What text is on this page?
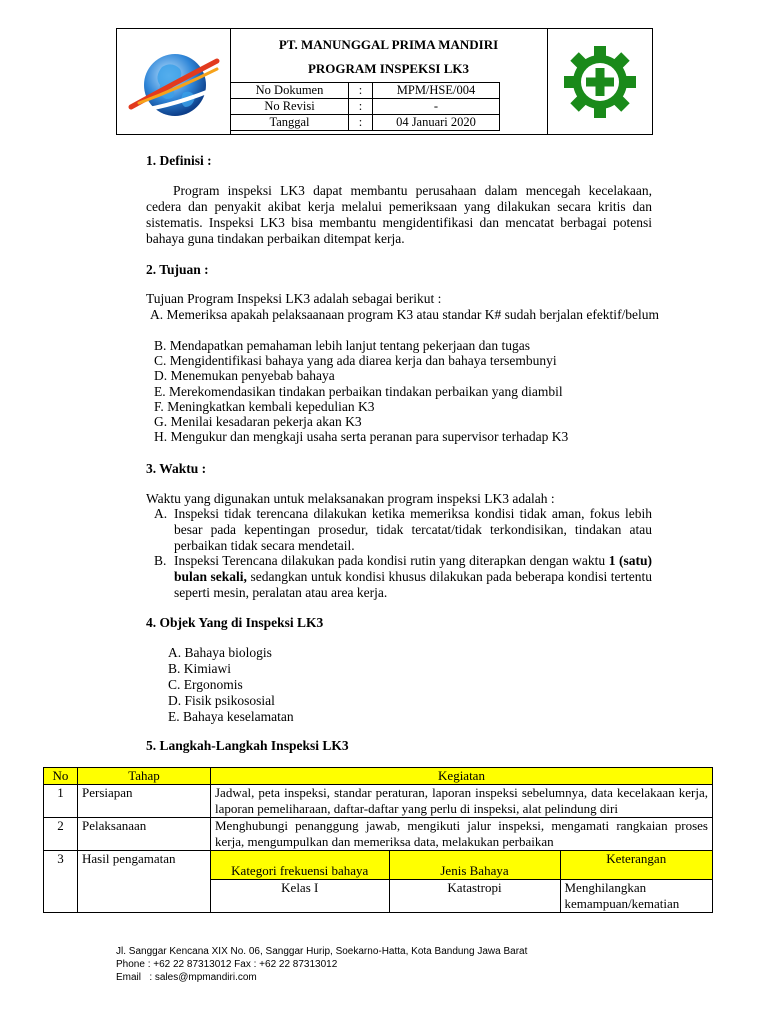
PT. MANUNGGAL PRIMA MANDIRI
PROGRAM INSPEKSI LK3
No Dokumen	:	MPM/HSE/004
No Revisi	:	-
Tanggal	:	04 Januari 2020
1. Definisi :
Program inspeksi LK3 dapat membantu perusahaan dalam mencegah kecelakaan, cedera dan penyakit akibat kerja melalui pemeriksaan yang dilakukan secara kritis dan sistematis. Inspeksi LK3 bisa membantu mengidentifikasi dan mencatat berbagai potensi bahaya guna tindakan perbaikan ditempat kerja.
2. Tujuan :
Tujuan Program Inspeksi LK3 adalah sebagai berikut :
A. Memeriksa apakah pelaksaanaan program K3 atau standar K# sudah berjalan efektif/belum
B. Mendapatkan pemahaman lebih lanjut tentang pekerjaan dan tugas
C. Mengidentifikasi bahaya yang ada diarea kerja dan bahaya tersembunyi
D. Menemukan penyebab bahaya
E. Merekomendasikan tindakan perbaikan tindakan perbaikan yang diambil
F. Meningkatkan kembali kepedulian K3
G. Menilai kesadaran pekerja akan K3
H. Mengukur dan mengkaji usaha serta peranan para supervisor terhadap K3
3. Waktu :
Waktu yang digunakan untuk melaksanakan program inspeksi LK3 adalah :
A. Inspeksi tidak terencana dilakukan ketika memeriksa kondisi tidak aman, fokus lebih besar pada kepentingan prosedur, tidak tercatat/tidak terkondisikan, tindakan atau perbaikan tidak secara mendetail.
B. Inspeksi Terencana dilakukan pada kondisi rutin yang diterapkan dengan waktu 1 (satu) bulan sekali, sedangkan untuk kondisi khusus dilakukan pada beberapa kondisi tertentu seperti mesin, peralatan atau area kerja.
4. Objek Yang di Inspeksi LK3
A. Bahaya biologis
B. Kimiawi
C. Ergonomis
D. Fisik psikososial
E. Bahaya keselamatan
5. Langkah-Langkah Inspeksi LK3
No	Tahap	Kegiatan
1	Persiapan	Jadwal, peta inspeksi, standar peraturan, laporan inspeksi sebelumnya, data kecelakaan kerja, laporan pemeliharaan, daftar-daftar yang perlu di inspeksi, alat pelindung diri
2	Pelaksanaan	Menghubungi penanggung jawab, mengikuti jalur inspeksi, mengamati rangkaian proses kerja, mengumpulkan dan memeriksa data, melakukan perbaikan
3	Hasil pengamatan	
Kategori frekuensi bahaya	Jenis Bahaya	Keterangan
Kelas I	Katastropi	Menghilangkan kemampuan/kematian
Jl. Sanggar Kencana XIX No. 06, Sanggar Hurip, Soekarno-Hatta, Kota Bandung Jawa Barat
Phone : +62 22 87313012 Fax : +62 22 87313012
Email   : sales@mpmandiri.com
